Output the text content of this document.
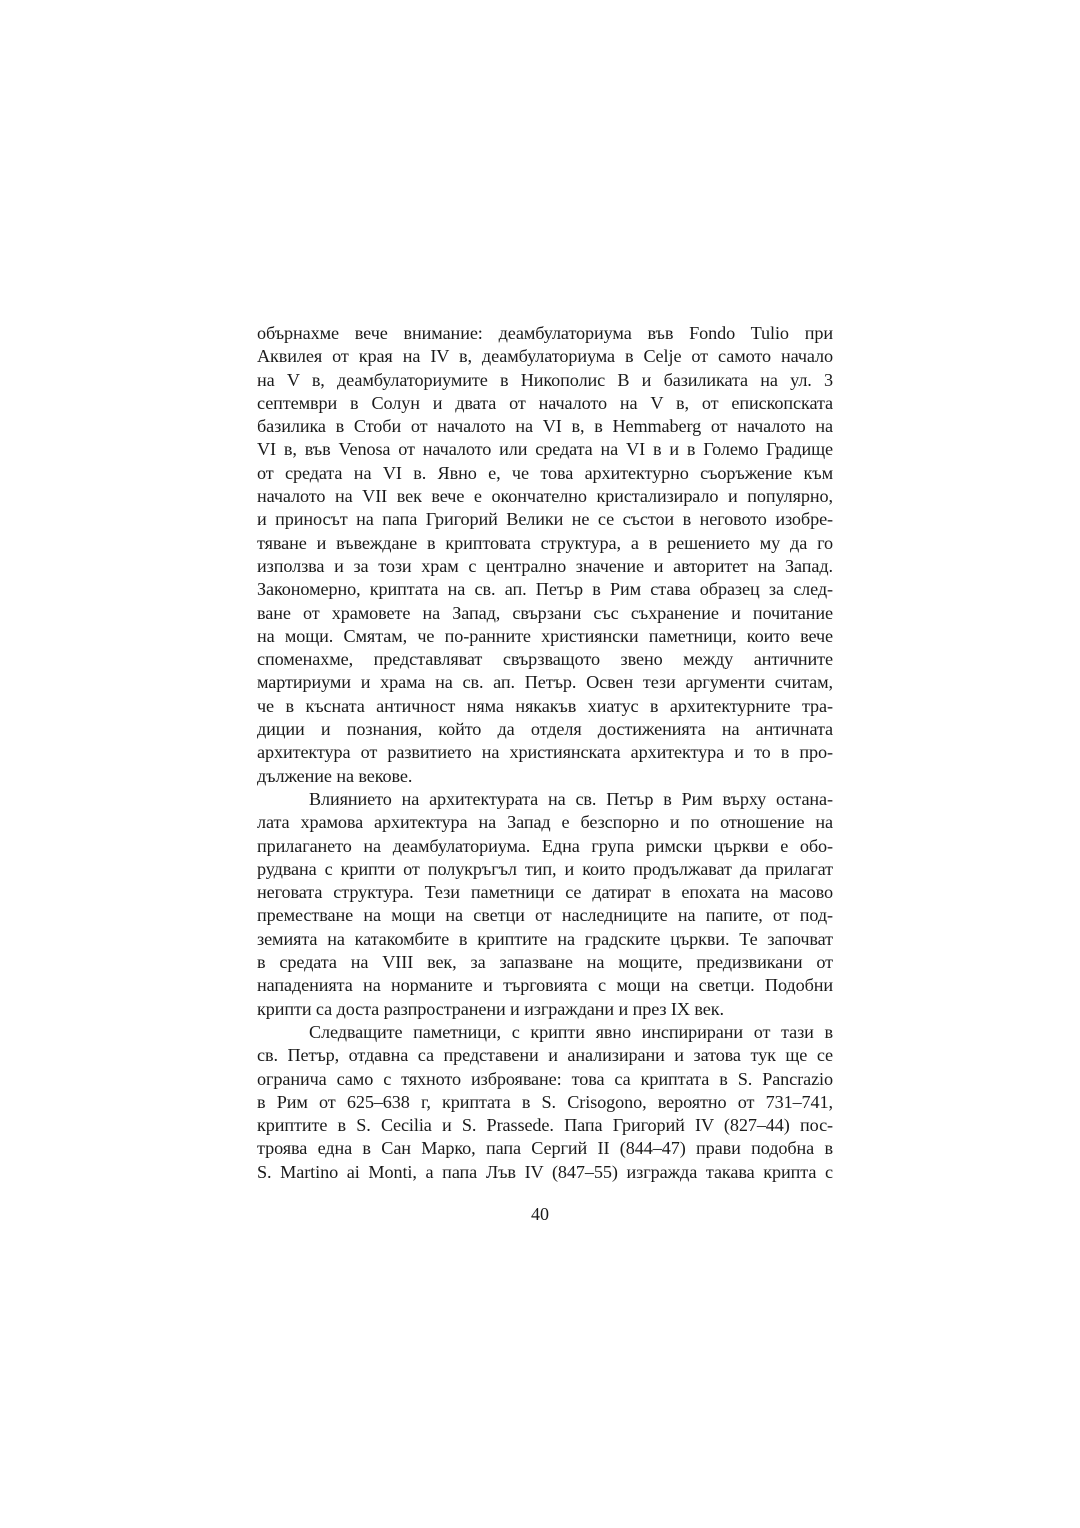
обърнахме вече внимание: деамбулаториума във Fondo Tulio при
Аквилея от края на IV в, деамбулаториума в Celje от самото начало
на V в, деамбулаториумите в Никополис В и базиликата на ул. 3
септември в Солун и двата от началото на V в, от епископската
базилика в Стоби от началото на VI в, в Hemmaberg от началото на
VI в, във Venosa от началото или средата на VI в и в Големо Градище
от средата на VI в. Явно е, че това архитектурно съоръжение към
началото на VII век вече е окончателно кристализирало и популярно,
и приносът на папа Григорий Велики не се състои в неговото изобре-
тяване и въвеждане в криптовата структура, а в решението му да го
използва и за този храм с централно значение и авторитет на Запад.
Закономерно, криптата на св. ап. Петър в Рим става образец за след-
ване от храмовете на Запад, свързани със съхранение и почитание
на мощи. Смятам, че по-ранните християнски паметници, които вече
споменахме, представляват свързващото звено между античните
мартириуми и храма на св. ап. Петър. Освен тези аргументи считам,
че в късната античност няма някакъв хиатус в архитектурните тра-
диции и познания, който да отделя достиженията на античната
архитектура от развитието на християнската архитектура и то в про-
дължение на векове.
Влиянието на архитектурата на св. Петър в Рим върху остана-
лата храмова архитектура на Запад е безспорно и по отношение на
прилагането на деамбулаториума. Една група римски църкви е обо-
рудвана с крипти от полукръгъл тип, и които продължават да прилагат
неговата структура. Тези паметници се датират в епохата на масово
преместване на мощи на светци от наследниците на папите, от под-
земията на катакомбите в криптите на градските църкви. Те започват
в средата на VIII век, за запазване на мощите, предизвикани от
нападенията на норманите и търговията с мощи на светци. Подобни
крипти са доста разпространени и изграждани и през IX век.
Следващите паметници, с крипти явно инспирирани от тази в
св. Петър, отдавна са представени и анализирани и затова тук ще се
огранича само с тяхното изброяване: това са криптата в S. Pancrazio
в Рим от 625–638 г, криптата в S. Crisogono, вероятно от 731–741,
криптите в S. Cecilia и S. Prassede. Папа Григорий IV (827–44) пос-
троява една в Сан Марко, папа Сергий II (844–47) прави подобна в
S. Martino ai Monti, а папа Лъв IV (847–55) изгражда такава крипта с
40
